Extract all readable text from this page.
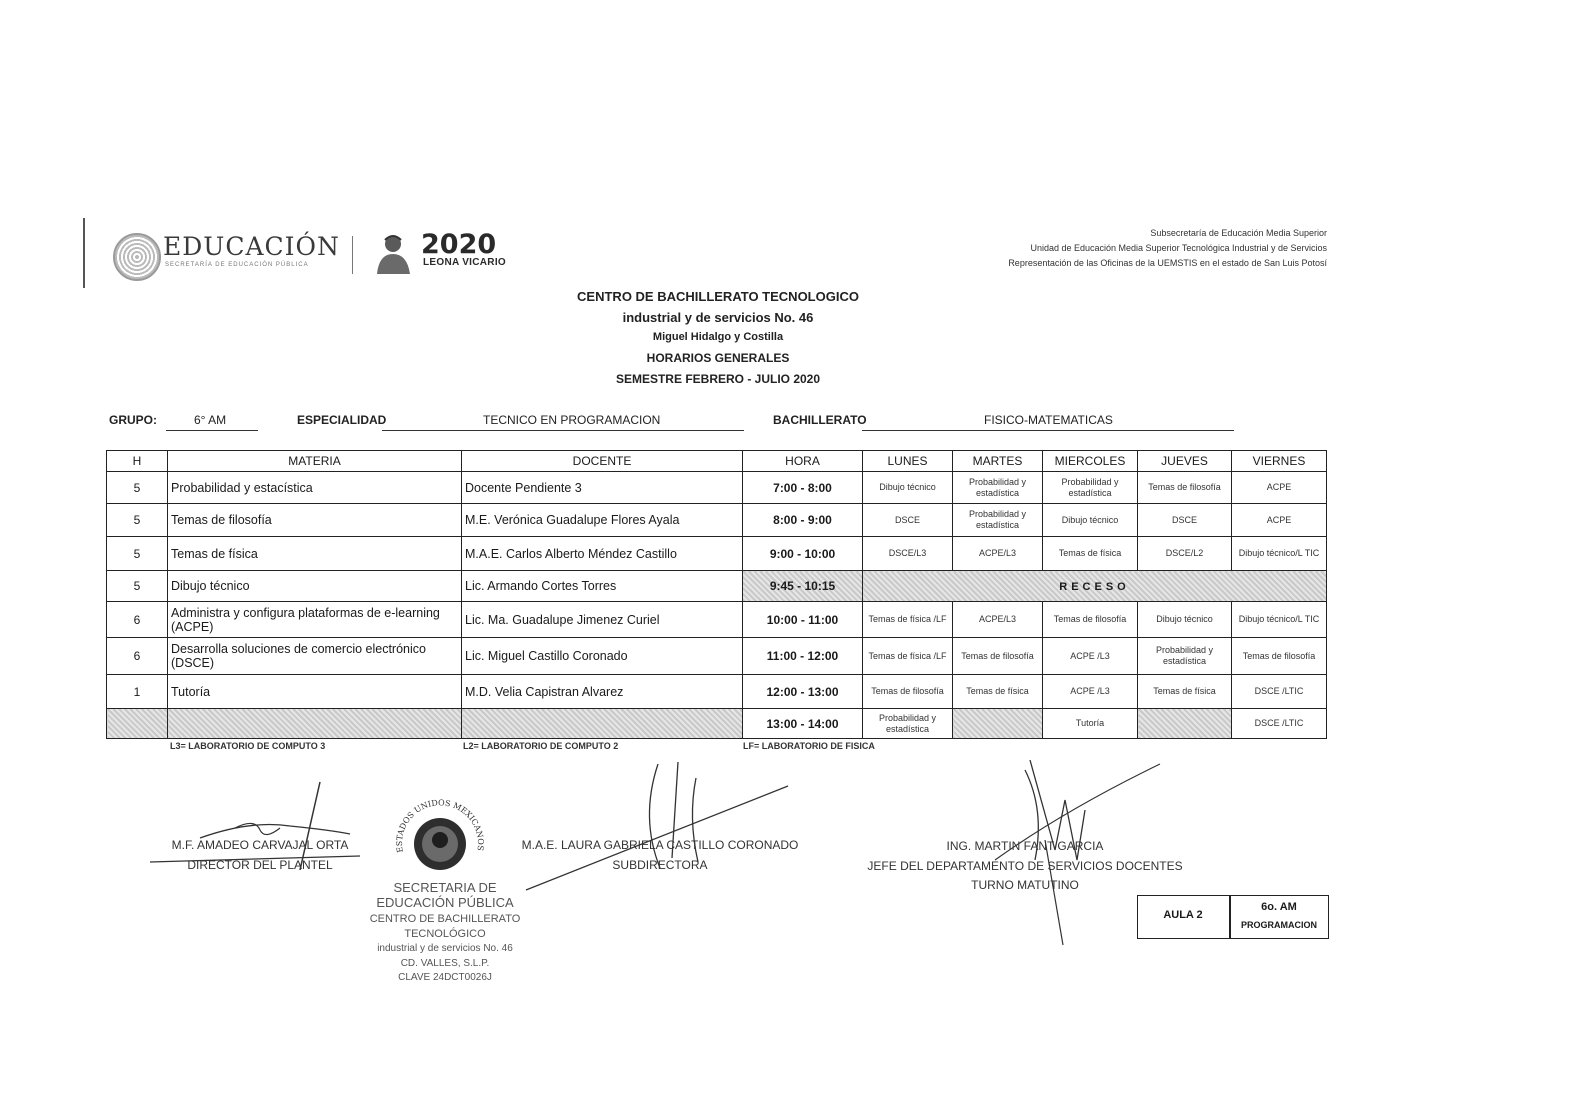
EDUCACIÓN
SECRETARÍA DE EDUCACIÓN PÚBLICA
2020
LEONA VICARIO
Subsecretaría de Educación Media Superior
Unidad de Educación Media Superior Tecnológica Industrial y de Servicios
Representación de las Oficinas de la UEMSTIS en el estado de San Luis Potosí
CENTRO DE BACHILLERATO TECNOLOGICO
industrial y de servicios No. 46
Miguel Hidalgo y Costilla
HORARIOS GENERALES
SEMESTRE FEBRERO - JULIO 2020
GRUPO:	6° AM	ESPECIALIDAD	TECNICO EN PROGRAMACION	BACHILLERATO	FISICO-MATEMATICAS
H	MATERIA	DOCENTE	HORA	LUNES	MARTES	MIERCOLES	JUEVES	VIERNES
5	Probabilidad y estacística	Docente Pendiente 3	7:00 - 8:00	Dibujo técnico	Probabilidad y estadística	Probabilidad y estadística	Temas de filosofía	ACPE
5	Temas de filosofía	M.E. Verónica Guadalupe Flores Ayala	8:00 - 9:00	DSCE	Probabilidad y estadística	Dibujo técnico	DSCE	ACPE
5	Temas de física	M.A.E. Carlos Alberto Méndez Castillo	9:00 - 10:00	DSCE/L3	ACPE/L3	Temas de física	DSCE/L2	Dibujo técnico/L TIC
5	Dibujo técnico	Lic. Armando Cortes Torres	9:45 - 10:15	RECESO				
6	Administra y configura plataformas de e-learning (ACPE)	Lic. Ma. Guadalupe Jimenez Curiel	10:00 - 11:00	Temas de física /LF	ACPE/L3	Temas de filosofía	Dibujo técnico	Dibujo técnico/L TIC
6	Desarrolla soluciones de comercio electrónico (DSCE)	Lic. Miguel Castillo Coronado	11:00 - 12:00	Temas de física /LF	Temas de filosofía	ACPE /L3	Probabilidad y estadística	Temas de filosofía
1	Tutoría	M.D. Velia Capistran Alvarez	12:00 - 13:00	Temas de filosofía	Temas de física	ACPE /L3	Temas de física	DSCE /LTIC
			13:00 - 14:00	Probabilidad y estadística		Tutoría		DSCE /LTIC
L3= LABORATORIO DE COMPUTO 3	L2= LABORATORIO DE COMPUTO 2	LF= LABORATORIO DE FISICA
M.F. AMADEO CARVAJAL ORTA
DIRECTOR DEL PLANTEL
M.A.E. LAURA GABRIELA CASTILLO CORONADO
SUBDIRECTORA
ING. MARTIN FANT GARCIA
JEFE DEL DEPARTAMENTO DE SERVICIOS DOCENTES
TURNO MATUTINO
ESTADOS UNIDOS MEXICANOS
SECRETARIA DE
EDUCACIÓN PÚBLICA
CENTRO DE BACHILLERATO
TECNOLÓGICO
industrial y de servicios No. 46
CD. VALLES, S.L.P.
CLAVE 24DCT0026J
AULA 2
6o. AM
PROGRAMACION
